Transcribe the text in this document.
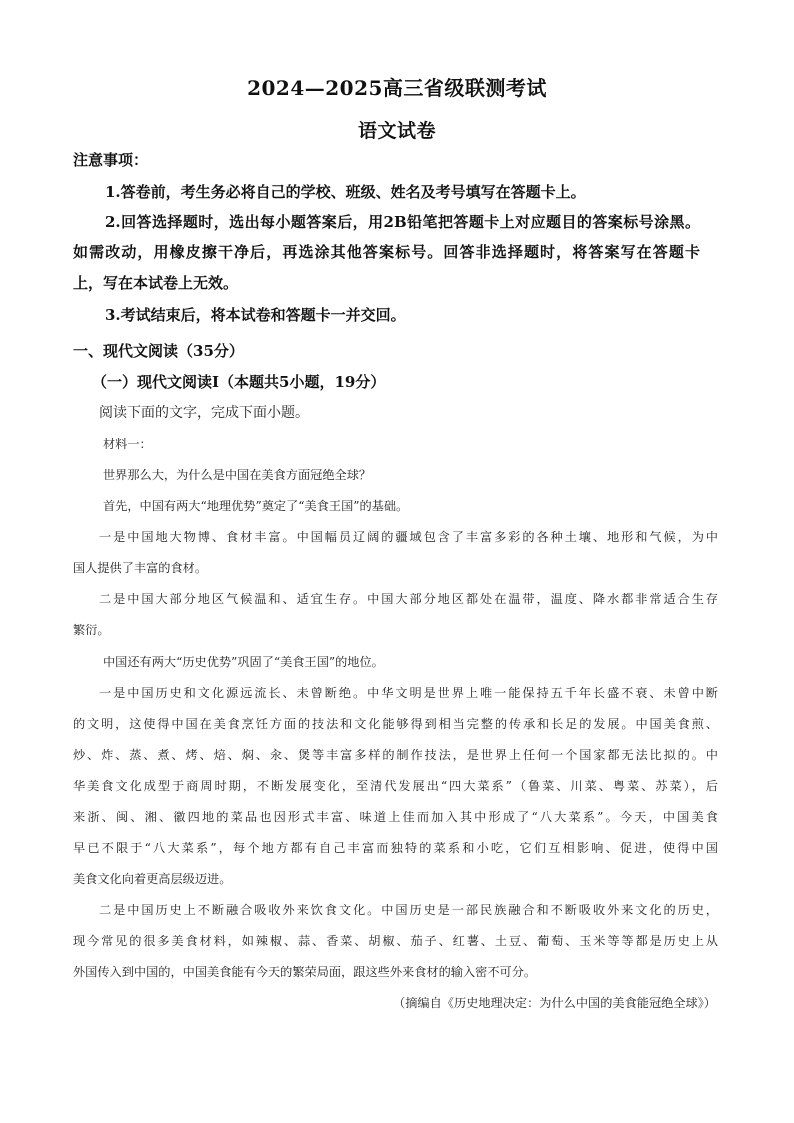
2024—2025高三省级联测考试
语文试卷
注意事项：
1.答卷前，考生务必将自己的学校、班级、姓名及考号填写在答题卡上。
2.回答选择题时，选出每小题答案后，用2B铅笔把答题卡上对应题目的答案标号涂黑。
如需改动，用橡皮擦干净后，再选涂其他答案标号。回答非选择题时，将答案写在答题卡
上，写在本试卷上无效。
3.考试结束后，将本试卷和答题卡一并交回。
一、现代文阅读（35分）
（一）现代文阅读Ⅰ（本题共5小题，19分）
阅读下面的文字，完成下面小题。
材料一：
世界那么大，为什么是中国在美食方面冠绝全球？
首先，中国有两大“地理优势”奠定了“美食王国”的基础。
一是中国地大物博、食材丰富。中国幅员辽阔的疆域包含了丰富多彩的各种土壤、地形和气候，为中
国人提供了丰富的食材。
二是中国大部分地区气候温和、适宜生存。中国大部分地区都处在温带，温度、降水都非常适合生存
繁衍。
中国还有两大“历史优势”巩固了“美食王国”的地位。
一是中国历史和文化源远流长、未曾断绝。中华文明是世界上唯一能保持五千年长盛不衰、未曾中断
的文明，这使得中国在美食烹饪方面的技法和文化能够得到相当完整的传承和长足的发展。中国美食煎、
炒、炸、蒸、煮、烤、焙、焖、汆、煲等丰富多样的制作技法，是世界上任何一个国家都无法比拟的。中
华美食文化成型于商周时期，不断发展变化，至清代发展出“四大菜系”（鲁菜、川菜、粤菜、苏菜），后
来浙、闽、湘、徽四地的菜品也因形式丰富、味道上佳而加入其中形成了“八大菜系”。今天，中国美食
早已不限于“八大菜系”，每个地方都有自己丰富而独特的菜系和小吃，它们互相影响、促进，使得中国
美食文化向着更高层级迈进。
二是中国历史上不断融合吸收外来饮食文化。中国历史是一部民族融合和不断吸收外来文化的历史，
现今常见的很多美食材料，如辣椒、蒜、香菜、胡椒、茄子、红薯、土豆、葡萄、玉米等等都是历史上从
外国传入到中国的，中国美食能有今天的繁荣局面，跟这些外来食材的输入密不可分。
（摘编自《历史地理决定：为什么中国的美食能冠绝全球》）
